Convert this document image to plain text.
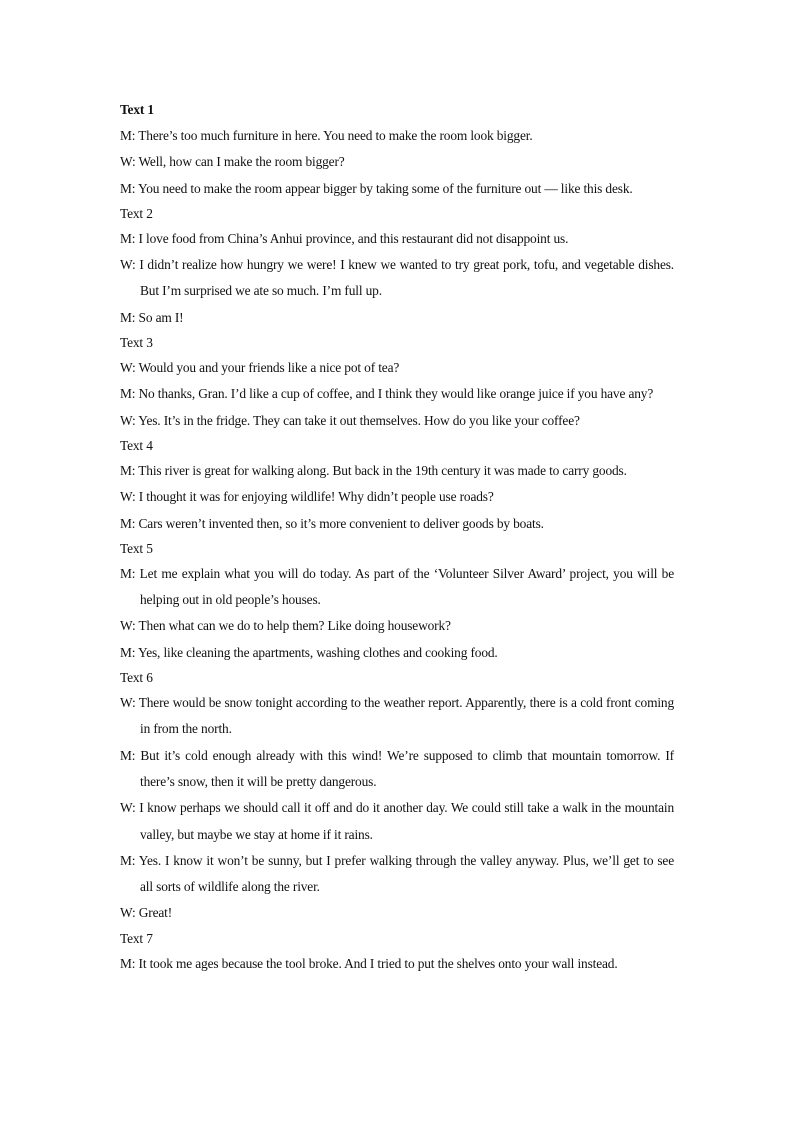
Text 1

M: There’s too much furniture in here. You need to make the room look bigger.

W: Well, how can I make the room bigger?

M: You need to make the room appear bigger by taking some of the furniture out — like this desk.

Text 2

M: I love food from China’s Anhui province, and this restaurant did not disappoint us.

W: I didn’t realize how hungry we were! I knew we wanted to try great pork, tofu, and vegetable dishes. But I’m surprised we ate so much. I’m full up.

M: So am I!

Text 3

W: Would you and your friends like a nice pot of tea?

M: No thanks, Gran. I’d like a cup of coffee, and I think they would like orange juice if you have any?

W: Yes. It’s in the fridge. They can take it out themselves. How do you like your coffee?

Text 4

M: This river is great for walking along. But back in the 19th century it was made to carry goods.

W: I thought it was for enjoying wildlife! Why didn’t people use roads?

M: Cars weren’t invented then, so it’s more convenient to deliver goods by boats.

Text 5

M: Let me explain what you will do today. As part of the ‘Volunteer Silver Award’ project, you will be helping out in old people’s houses.

W: Then what can we do to help them? Like doing housework?

M: Yes, like cleaning the apartments, washing clothes and cooking food.

Text 6

W: There would be snow tonight according to the weather report. Apparently, there is a cold front coming in from the north.

M: But it’s cold enough already with this wind! We’re supposed to climb that mountain tomorrow. If there’s snow, then it will be pretty dangerous.

W: I know perhaps we should call it off and do it another day. We could still take a walk in the mountain valley, but maybe we stay at home if it rains.

M: Yes. I know it won’t be sunny, but I prefer walking through the valley anyway. Plus, we’ll get to see all sorts of wildlife along the river.

W: Great!

Text 7

M: It took me ages because the tool broke. And I tried to put the shelves onto your wall instead.
